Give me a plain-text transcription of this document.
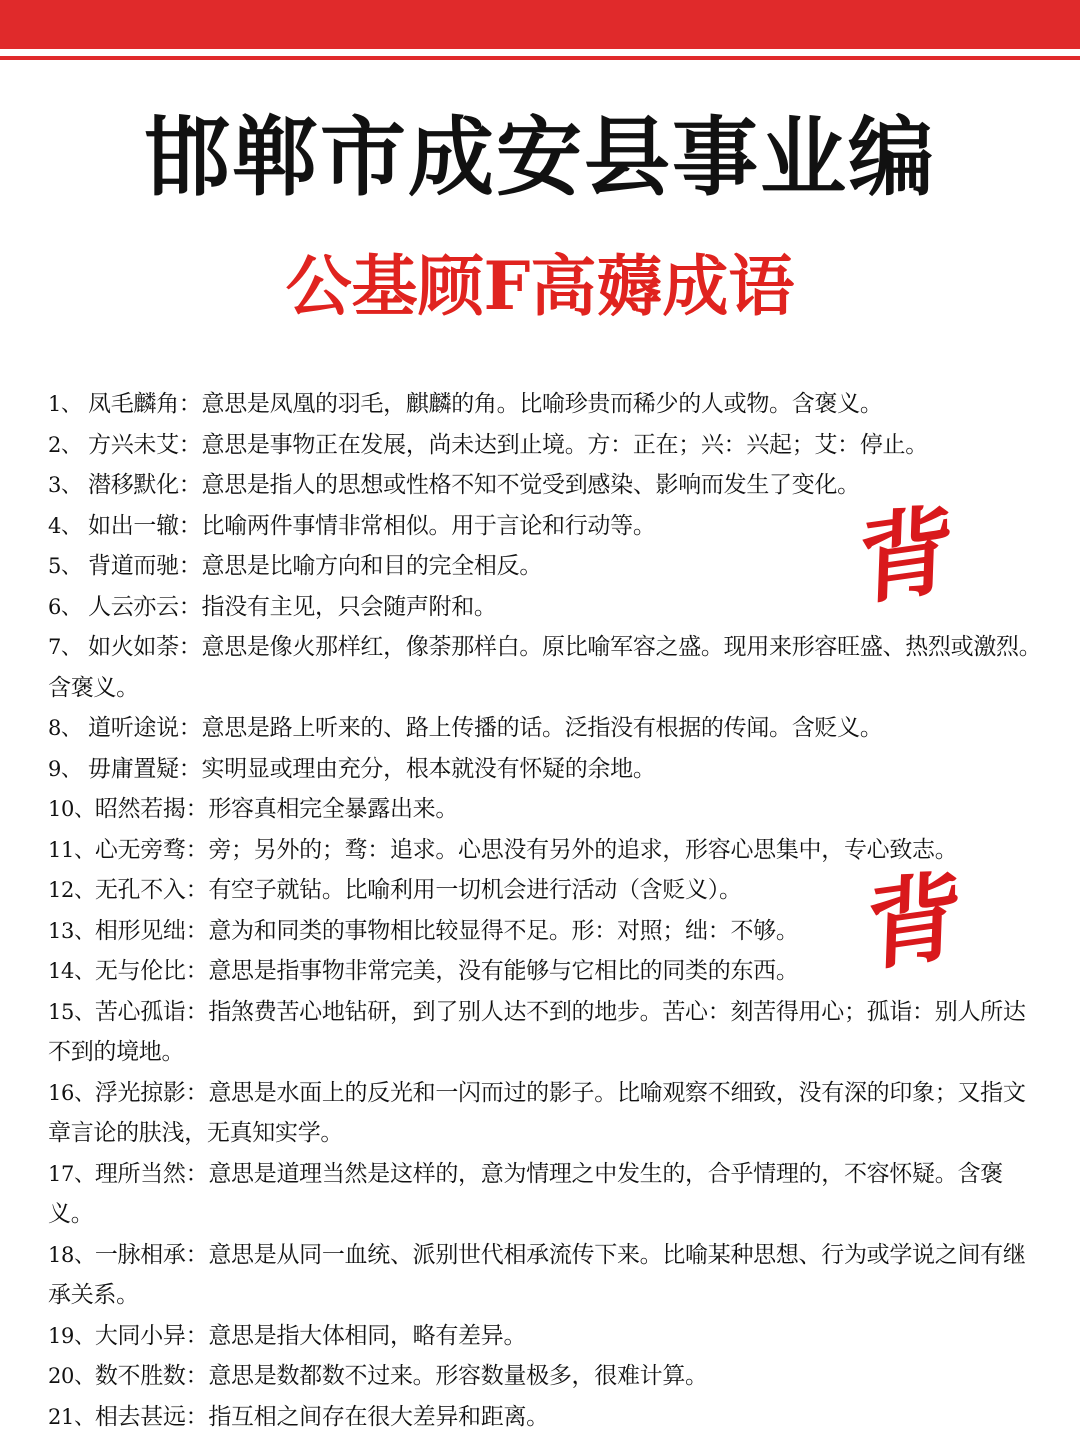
邯郸市成安县事业编
公基顾F高薅成语
1、 凤毛麟角：意思是凤凰的羽毛，麒麟的角。比喻珍贵而稀少的人或物。含褒义。
2、 方兴未艾：意思是事物正在发展，尚未达到止境。方：正在；兴：兴起；艾：停止。
3、 潜移默化：意思是指人的思想或性格不知不觉受到感染、影响而发生了变化。
4、 如出一辙：比喻两件事情非常相似。用于言论和行动等。
5、 背道而驰：意思是比喻方向和目的完全相反。
6、 人云亦云：指没有主见，只会随声附和。
7、 如火如荼：意思是像火那样红，像荼那样白。原比喻军容之盛。现用来形容旺盛、热烈或激烈。含褒义。
8、 道听途说：意思是路上听来的、路上传播的话。泛指没有根据的传闻。含贬义。
9、 毋庸置疑：实明显或理由充分，根本就没有怀疑的余地。
10、昭然若揭：形容真相完全暴露出来。
11、心无旁骛：旁；另外的；骛：追求。心思没有另外的追求，形容心思集中，专心致志。
12、无孔不入：有空子就钻。比喻利用一切机会进行活动（含贬义）。
13、相形见绌：意为和同类的事物相比较显得不足。形：对照；绌：不够。
14、无与伦比：意思是指事物非常完美，没有能够与它相比的同类的东西。
15、苦心孤诣：指煞费苦心地钻研，到了别人达不到的地步。苦心：刻苦得用心；孤诣：别人所达不到的境地。
16、浮光掠影：意思是水面上的反光和一闪而过的影子。比喻观察不细致，没有深的印象；又指文章言论的肤浅，无真知实学。
17、理所当然：意思是道理当然是这样的，意为情理之中发生的，合乎情理的，不容怀疑。含褒义。
18、一脉相承：意思是从同一血统、派别世代相承流传下来。比喻某种思想、行为或学说之间有继承关系。
19、大同小异：意思是指大体相同，略有差异。
20、数不胜数：意思是数都数不过来。形容数量极多，很难计算。
21、相去甚远：指互相之间存在很大差异和距离。
背
背
